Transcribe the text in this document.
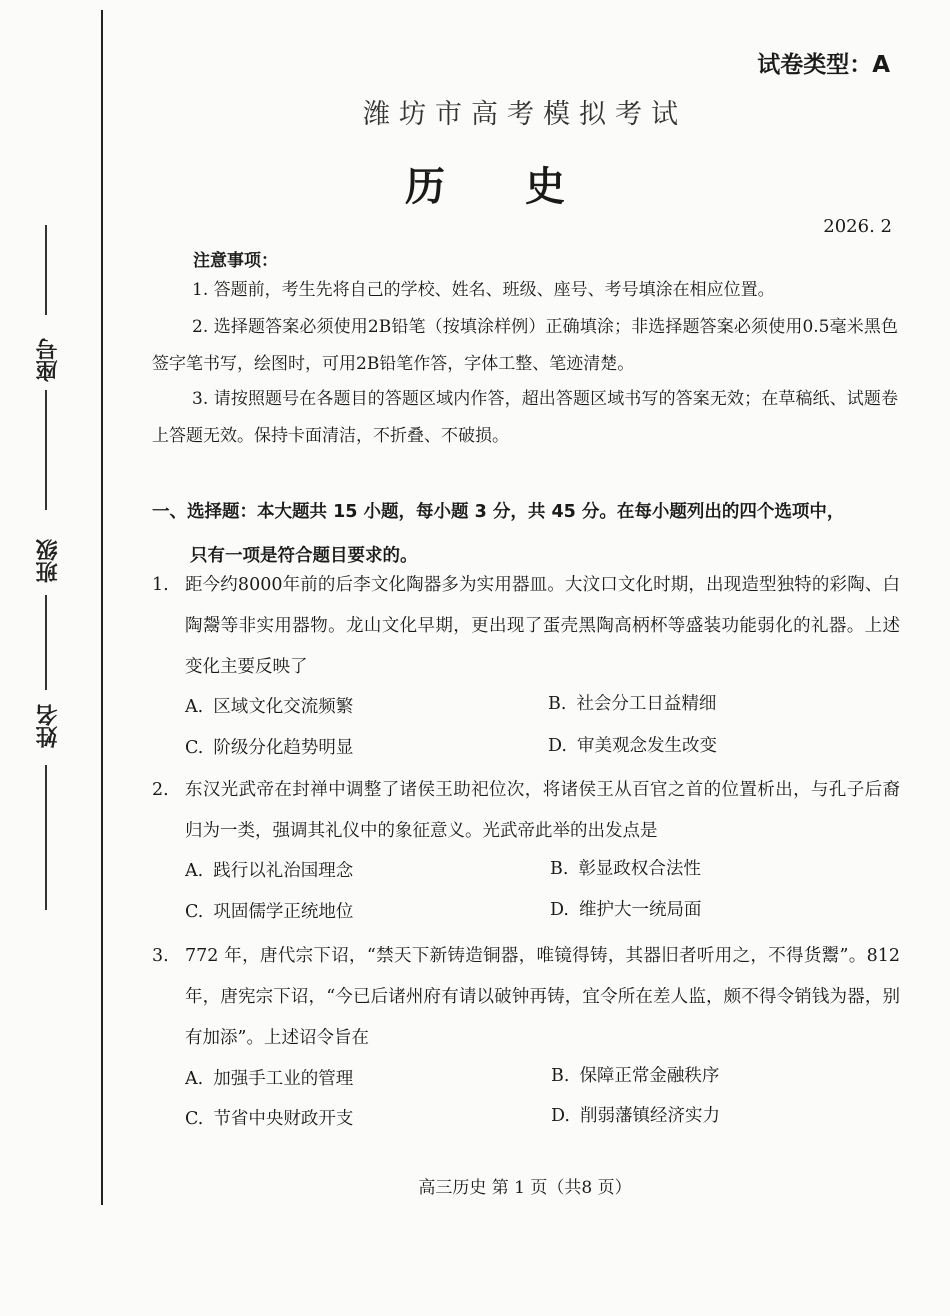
座号
班级
姓名
试卷类型：A
潍坊市高考模拟考试
历史
2026. 2
注意事项：
1. 答题前，考生先将自己的学校、姓名、班级、座号、考号填涂在相应位置。
2. 选择题答案必须使用2B铅笔（按填涂样例）正确填涂；非选择题答案必须使用0.5毫米黑色签字笔书写，绘图时，可用2B铅笔作答，字体工整、笔迹清楚。
3. 请按照题号在各题目的答题区域内作答，超出答题区域书写的答案无效；在草稿纸、试题卷上答题无效。保持卡面清洁，不折叠、不破损。
一、选择题：本大题共 15 小题，每小题 3 分，共 45 分。在每小题列出的四个选项中，
只有一项是符合题目要求的。
1. 距今约8000年前的后李文化陶器多为实用器皿。大汶口文化时期，出现造型独特的彩陶、白陶鬶等非实用器物。龙山文化早期，更出现了蛋壳黑陶高柄杯等盛装功能弱化的礼器。上述变化主要反映了
A. 区域文化交流频繁	B. 社会分工日益精细
C. 阶级分化趋势明显	D. 审美观念发生改变
2. 东汉光武帝在封禅中调整了诸侯王助祀位次，将诸侯王从百官之首的位置析出，与孔子后裔归为一类，强调其礼仪中的象征意义。光武帝此举的出发点是
A. 践行以礼治国理念	B. 彰显政权合法性
C. 巩固儒学正统地位	D. 维护大一统局面
3. 772 年，唐代宗下诏，“禁天下新铸造铜器，唯镜得铸，其器旧者听用之，不得货鬻”。812 年，唐宪宗下诏，“今已后诸州府有请以破钟再铸，宜令所在差人监，颇不得令销钱为器，别有加添”。上述诏令旨在
A. 加强手工业的管理	B. 保障正常金融秩序
C. 节省中央财政开支	D. 削弱藩镇经济实力
高三历史 第 1 页（共8 页）
